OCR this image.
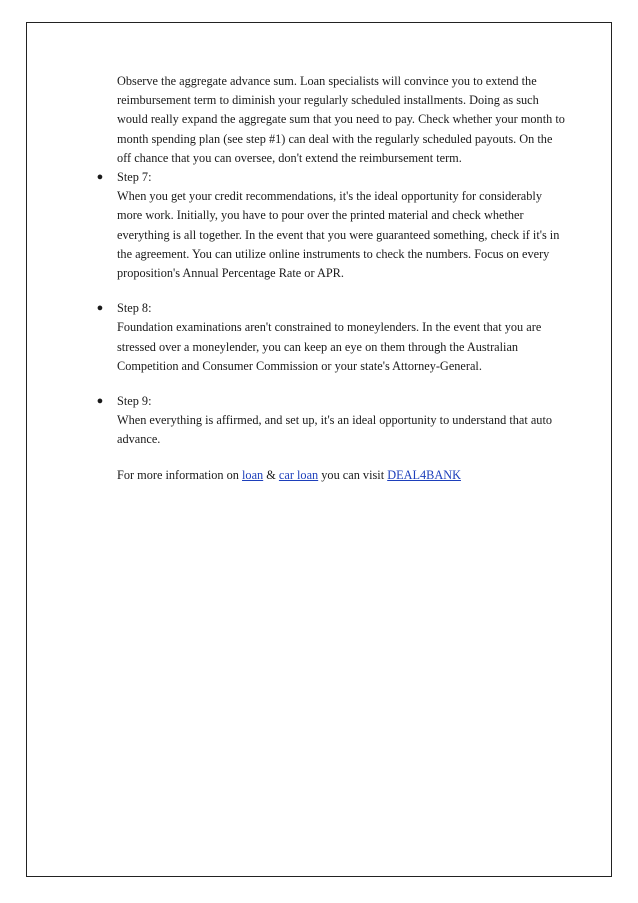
Observe the aggregate advance sum. Loan specialists will convince you to extend the reimbursement term to diminish your regularly scheduled installments. Doing as such would really expand the aggregate sum that you need to pay. Check whether your month to month spending plan (see step #1) can deal with the regularly scheduled payouts. On the off chance that you can oversee, don't extend the reimbursement term.

● Step 7:

When you get your credit recommendations, it's the ideal opportunity for considerably more work. Initially, you have to pour over the printed material and check whether everything is all together. In the event that you were guaranteed something, check if it's in the agreement. You can utilize online instruments to check the numbers. Focus on every proposition's Annual Percentage Rate or APR.

● Step 8:

Foundation examinations aren't constrained to moneylenders. In the event that you are stressed over a moneylender, you can keep an eye on them through the Australian Competition and Consumer Commission or your state's Attorney-General.

● Step 9:

When everything is affirmed, and set up, it's an ideal opportunity to understand that auto advance.

For more information on loan & car loan you can visit DEAL4BANK
